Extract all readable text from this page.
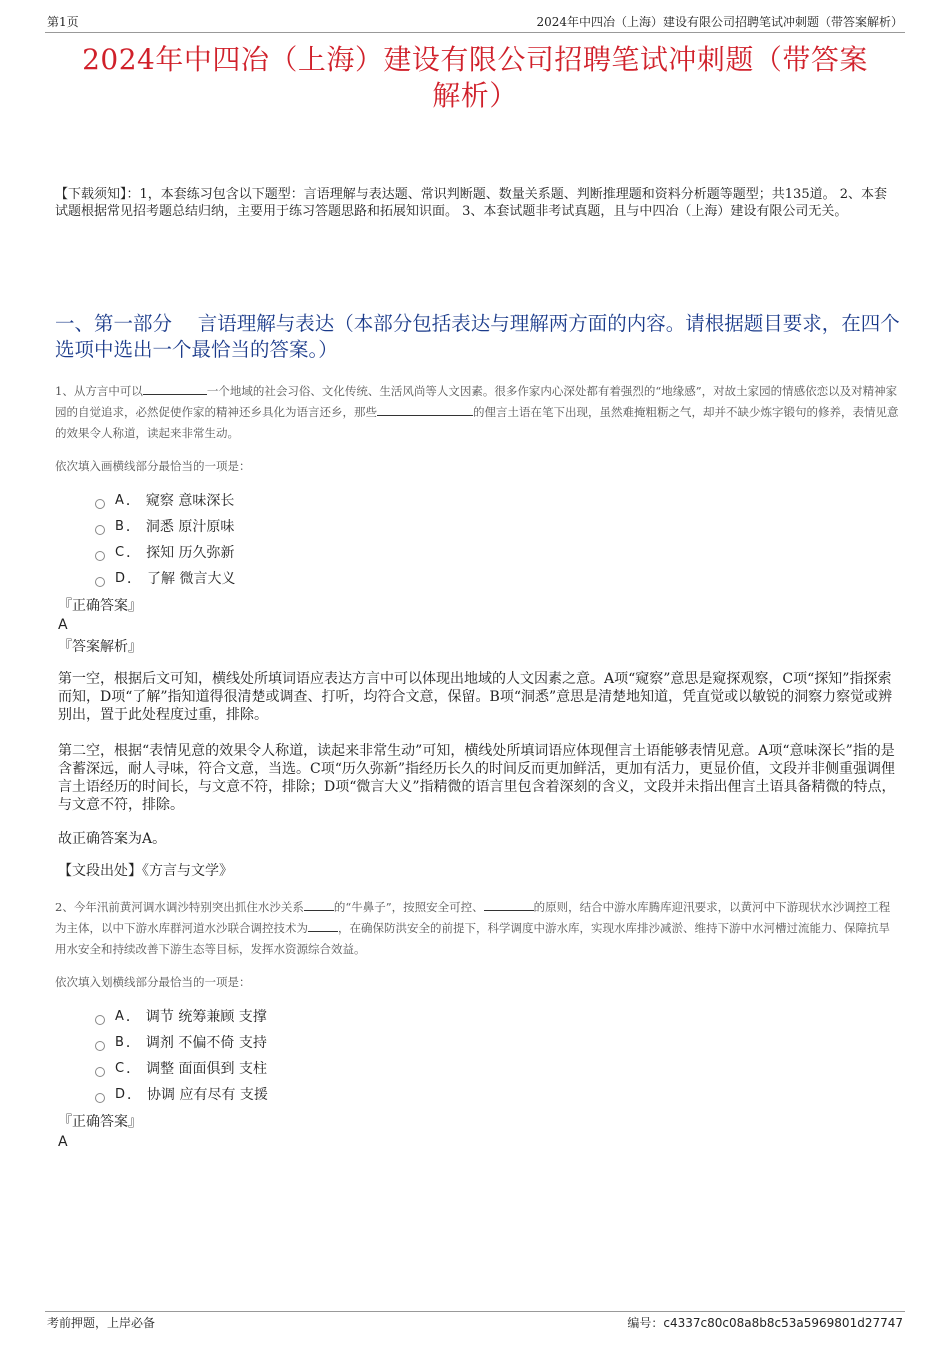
第1页	2024年中四冶（上海）建设有限公司招聘笔试冲刺题（带答案解析）
2024年中四冶（上海）建设有限公司招聘笔试冲刺题（带答案
解析）
【下载须知】：1，本套练习包含以下题型：言语理解与表达题、常识判断题、数量关系题、判断推理题和资料分析题等题型；共135道。 2、本套试题根据常见招考题总结归纳，主要用于练习答题思路和拓展知识面。 3、本套试题非考试真题，且与中四冶（上海）建设有限公司无关。
一、第一部分　 言语理解与表达（本部分包括表达与理解两方面的内容。请根据题目要求，在四个选项中选出一个最恰当的答案。）
1、从方言中可以	一个地域的社会习俗、文化传统、生活风尚等人文因素。很多作家内心深处都有着强烈的“地缘感”，对故土家园的情感依恋以及对精神家园的自觉追求，必然促使作家的精神还乡具化为语言还乡，那些	的俚言土语在笔下出现，虽然难掩粗粝之气，却并不缺少炼字锻句的修养，表情见意的效果令人称道，读起来非常生动。
依次填入画横线部分最恰当的一项是：
A ． 窥察 意味深长
B ． 洞悉 原汁原味
C ． 探知 历久弥新
D ． 了解 微言大义
『正确答案』
A
『答案解析』
第一空，根据后文可知，横线处所填词语应表达方言中可以体现出地域的人文因素之意。A项“窥察”意思是窥探观察，C项“探知”指探索而知，D项“了解”指知道得很清楚或调查、打听，均符合文意，保留。B项“洞悉”意思是清楚地知道，凭直觉或以敏锐的洞察力察觉或辨别出，置于此处程度过重，排除。
第二空，根据“表情见意的效果令人称道，读起来非常生动”可知，横线处所填词语应体现俚言土语能够表情见意。A项“意味深长”指的是含蓄深远，耐人寻味，符合文意，当选。C项“历久弥新”指经历长久的时间反而更加鲜活，更加有活力，更显价值，文段并非侧重强调俚言土语经历的时间长，与文意不符，排除；D项“微言大义”指精微的语言里包含着深刻的含义，文段并未指出俚言土语具备精微的特点，与文意不符，排除。
故正确答案为A。
【文段出处】《方言与文学》
2、今年汛前黄河调水调沙特别突出抓住水沙关系	的“牛鼻子”，按照安全可控、	的原则，结合中游水库腾库迎汛要求，以黄河中下游现状水沙调控工程为主体，以中下游水库群河道水沙联合调控技术为	，在确保防洪安全的前提下，科学调度中游水库，实现水库排沙减淤、维持下游中水河槽过流能力、保障抗旱用水安全和持续改善下游生态等目标，发挥水资源综合效益。
依次填入划横线部分最恰当的一项是：
A ． 调节 统筹兼顾 支撑
B ． 调剂 不偏不倚 支持
C ． 调整 面面俱到 支柱
D ． 协调 应有尽有 支援
『正确答案』
A
考前押题，上岸必备	编号：c4337c80c08a8b8c53a5969801d27747
